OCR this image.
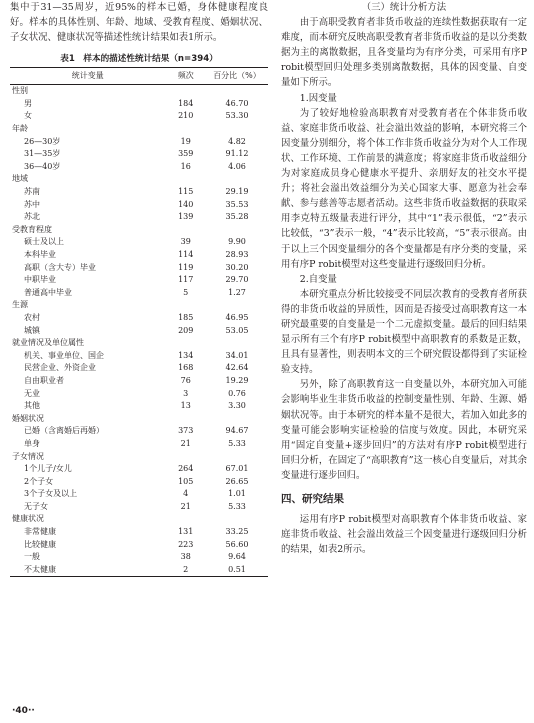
集中于31—35周岁，近95%的样本已婚，身体健康程度良好。样本的具体性别、年龄、地域、受教育程度、婚姻状况、子女状况、健康状况等描述性统计结果如表1所示。

表1　样本的描述性统计结果（n=394）
统计变量	频次	百分比（%）
性别		
男	184	46.70
女	210	53.30
年龄		
26—30岁	19	4.82
31—35岁	359	91.12
36—40岁	16	4.06
地域		
苏南	115	29.19
苏中	140	35.53
苏北	139	35.28
受教育程度		
硕士及以上	39	9.90
本科毕业	114	28.93
高职（含大专）毕业	119	30.20
中职毕业	117	29.70
普通高中毕业	5	1.27
生源		
农村	185	46.95
城镇	209	53.05
就业情况及单位属性		
机关、事业单位、国企	134	34.01
民营企业、外资企业	168	42.64
自由职业者	76	19.29
无业	3	0.76
其他	13	3.30
婚姻状况		
已婚（含离婚后再婚）	373	94.67
单身	21	5.33
子女情况		
1个儿子/女儿	264	67.01
2个子女	105	26.65
3个子女及以上	4	1.01
无子女	21	5.33
健康状况		
非常健康	131	33.25
比较健康	223	56.60
一般	38	9.64
不太健康	2	0.51

（三）统计分析方法

由于高职受教育者非货币收益的连续性数据获取有一定难度，而本研究反映高职受教育者非货币收益的是以分类数据为主的离散数据，且各变量均为有序分类，可采用有序P robit模型回归处理多类别离散数据，具体的因变量、自变量如下所示。

1.因变量

为了较好地检验高职教育对受教育者在个体非货币收益、家庭非货币收益、社会溢出效益的影响，本研究将三个因变量分别细分，将个体工作非货币收益分为对个人工作现状、工作环境、工作前景的满意度；将家庭非货币收益细分为对家庭成员身心健康水平提升、亲朋好友的社交水平提升；将社会溢出效益细分为关心国家大事、愿意为社会奉献、参与慈善等志愿者活动。这些非货币收益数据的获取采用李克特五级量表进行评分，其中“1”表示很低，“2”表示比较低，“3”表示一般，“4”表示比较高，“5”表示很高。由于以上三个因变量细分的各个变量都是有序分类的变量，采用有序P robit模型对这些变量进行逐级回归分析。

2.自变量

本研究重点分析比较接受不同层次教育的受教育者所获得的非货币收益的异质性，因而是否接受过高职教育这一本研究最重要的自变量是一个二元虚拟变量。最后的回归结果显示所有三个有序P robit模型中高职教育的系数是正数，且具有显著性，则表明本文的三个研究假设都得到了实证检验支持。

另外，除了高职教育这一自变量以外，本研究加入可能会影响毕业生非货币收益的控制变量性别、年龄、生源、婚姻状况等。由于本研究的样本量不是很大，若加入如此多的变量可能会影响实证检验的信度与效度。因此，本研究采用“固定自变量+逐步回归”的方法对有序P robit模型进行回归分析，在固定了“高职教育”这一核心自变量后，对其余变量进行逐步回归。

四、研究结果

运用有序P robit模型对高职教育个体非货币收益、家庭非货币收益、社会溢出效益三个因变量进行逐级回归分析的结果，如表2所示。

·40··
